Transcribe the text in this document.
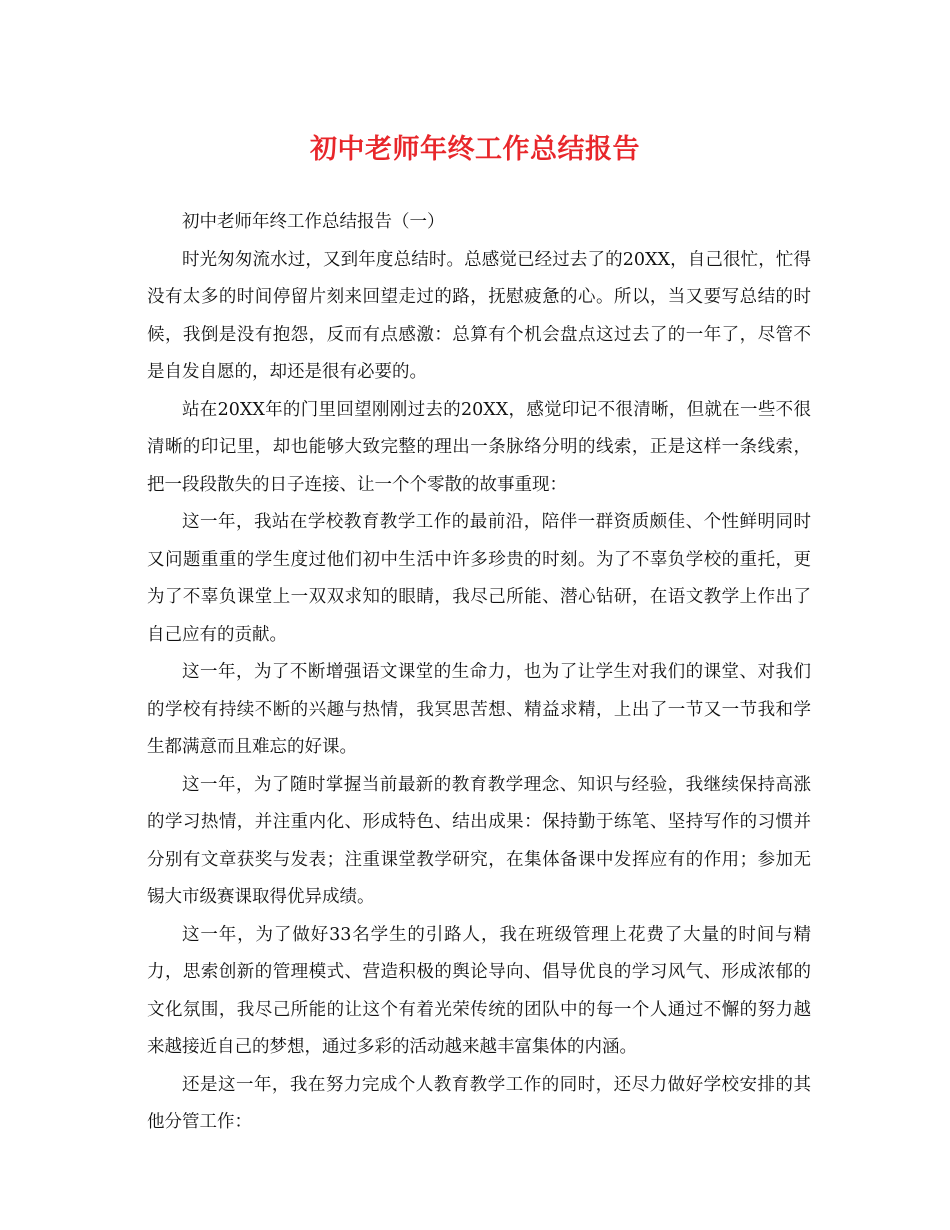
初中老师年终工作总结报告

初中老师年终工作总结报告（一）

时光匆匆流水过，又到年度总结时。总感觉已经过去了的20XX，自己很忙，忙得没有太多的时间停留片刻来回望走过的路，抚慰疲惫的心。所以，当又要写总结的时候，我倒是没有抱怨，反而有点感激：总算有个机会盘点这过去了的一年了，尽管不是自发自愿的，却还是很有必要的。

站在20XX年的门里回望刚刚过去的20XX，感觉印记不很清晰，但就在一些不很清晰的印记里，却也能够大致完整的理出一条脉络分明的线索，正是这样一条线索，把一段段散失的日子连接、让一个个零散的故事重现：

这一年，我站在学校教育教学工作的最前沿，陪伴一群资质颇佳、个性鲜明同时又问题重重的学生度过他们初中生活中许多珍贵的时刻。为了不辜负学校的重托，更为了不辜负课堂上一双双求知的眼睛，我尽己所能、潜心钻研，在语文教学上作出了自己应有的贡献。

这一年，为了不断增强语文课堂的生命力，也为了让学生对我们的课堂、对我们的学校有持续不断的兴趣与热情，我冥思苦想、精益求精，上出了一节又一节我和学生都满意而且难忘的好课。

这一年，为了随时掌握当前最新的教育教学理念、知识与经验，我继续保持高涨的学习热情，并注重内化、形成特色、结出成果：保持勤于练笔、坚持写作的习惯并分别有文章获奖与发表；注重课堂教学研究，在集体备课中发挥应有的作用；参加无锡大市级赛课取得优异成绩。

这一年，为了做好33名学生的引路人，我在班级管理上花费了大量的时间与精力，思索创新的管理模式、营造积极的舆论导向、倡导优良的学习风气、形成浓郁的文化氛围，我尽己所能的让这个有着光荣传统的团队中的每一个人通过不懈的努力越来越接近自己的梦想，通过多彩的活动越来越丰富集体的内涵。

还是这一年，我在努力完成个人教育教学工作的同时，还尽力做好学校安排的其他分管工作：
